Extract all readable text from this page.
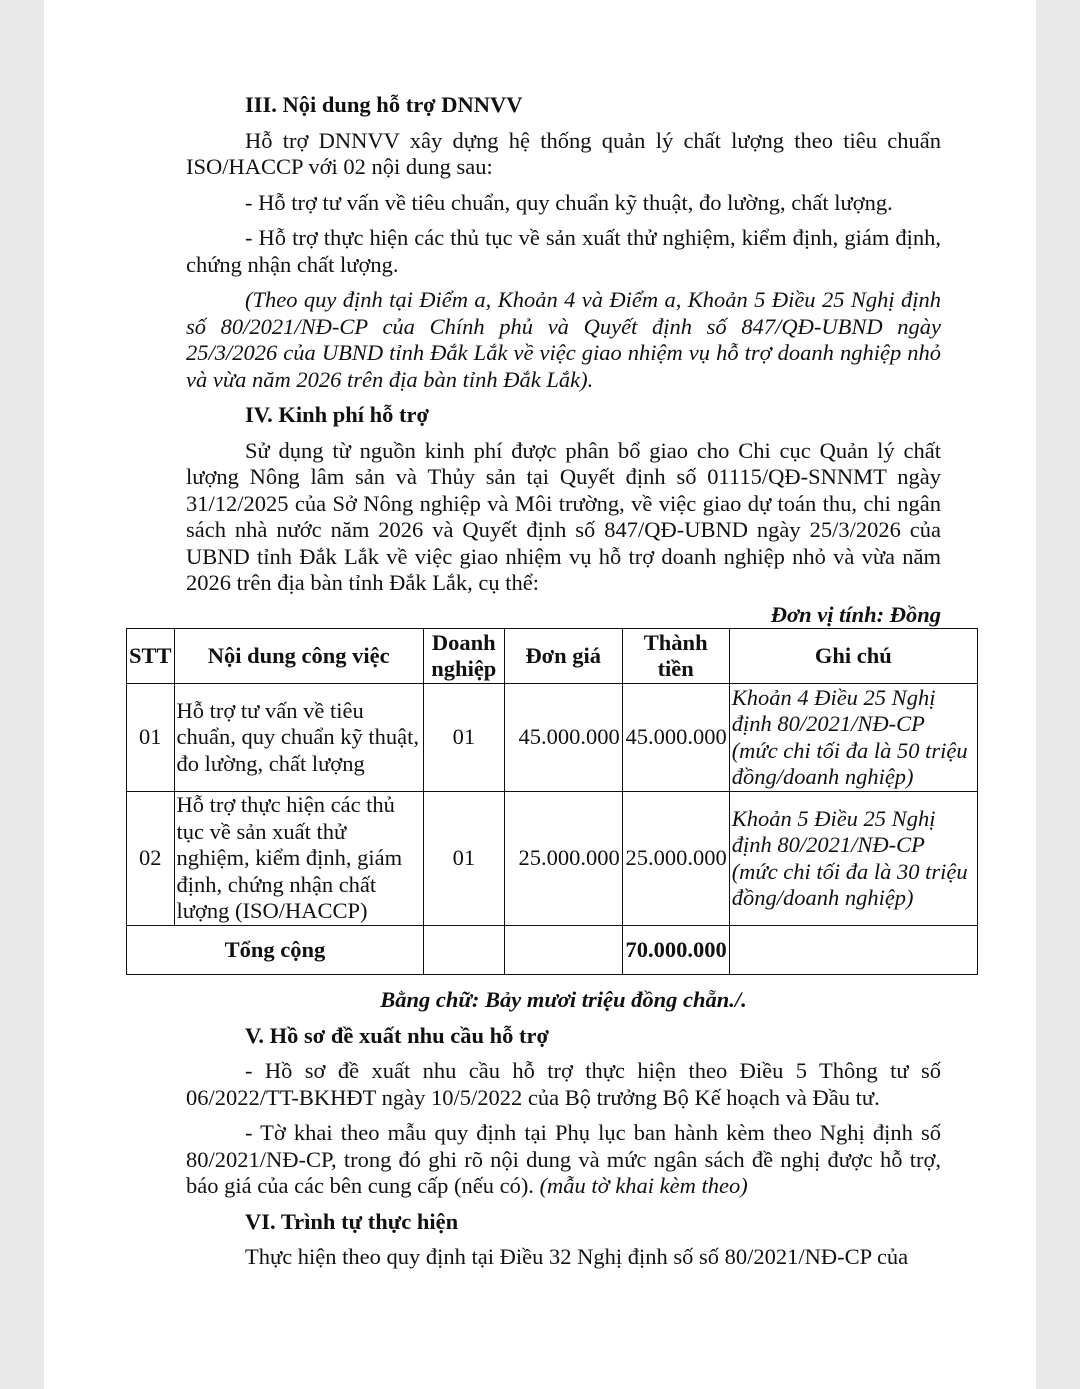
III. Nội dung hỗ trợ DNNVV

Hỗ trợ DNNVV xây dựng hệ thống quản lý chất lượng theo tiêu chuẩn ISO/HACCP với 02 nội dung sau:

- Hỗ trợ tư vấn về tiêu chuẩn, quy chuẩn kỹ thuật, đo lường, chất lượng.

- Hỗ trợ thực hiện các thủ tục về sản xuất thử nghiệm, kiểm định, giám định, chứng nhận chất lượng.

(Theo quy định tại Điểm a, Khoản 4 và Điểm a, Khoản 5 Điều 25 Nghị định số 80/2021/NĐ-CP của Chính phủ và Quyết định số 847/QĐ-UBND ngày 25/3/2026 của UBND tỉnh Đắk Lắk về việc giao nhiệm vụ hỗ trợ doanh nghiệp nhỏ và vừa năm 2026 trên địa bàn tỉnh Đắk Lắk).

IV. Kinh phí hỗ trợ

Sử dụng từ nguồn kinh phí được phân bổ giao cho Chi cục Quản lý chất lượng Nông lâm sản và Thủy sản tại Quyết định số 01115/QĐ-SNNMT ngày 31/12/2025 của Sở Nông nghiệp và Môi trường, về việc giao dự toán thu, chi ngân sách nhà nước năm 2026 và Quyết định số 847/QĐ-UBND ngày 25/3/2026 của UBND tỉnh Đắk Lắk về việc giao nhiệm vụ hỗ trợ doanh nghiệp nhỏ và vừa năm 2026 trên địa bàn tỉnh Đắk Lắk, cụ thể:

Đơn vị tính: Đồng

STT	Nội dung công việc	Doanh nghiệp	Đơn giá	Thành tiền	Ghi chú
01	Hỗ trợ tư vấn về tiêu chuẩn, quy chuẩn kỹ thuật, đo lường, chất lượng	01	45.000.000	45.000.000	Khoản 4 Điều 25 Nghị định 80/2021/NĐ-CP (mức chi tối đa là 50 triệu đồng/doanh nghiệp)
02	Hỗ trợ thực hiện các thủ tục về sản xuất thử nghiệm, kiểm định, giám định, chứng nhận chất lượng (ISO/HACCP)	01	25.000.000	25.000.000	Khoản 5 Điều 25 Nghị định 80/2021/NĐ-CP (mức chi tối đa là 30 triệu đồng/doanh nghiệp)
Tổng cộng				70.000.000	

Bằng chữ: Bảy mươi triệu đồng chẵn./.

V. Hồ sơ đề xuất nhu cầu hỗ trợ

- Hồ sơ đề xuất nhu cầu hỗ trợ thực hiện theo Điều 5 Thông tư số 06/2022/TT-BKHĐT ngày 10/5/2022 của Bộ trưởng Bộ Kế hoạch và Đầu tư.

- Tờ khai theo mẫu quy định tại Phụ lục ban hành kèm theo Nghị định số 80/2021/NĐ-CP, trong đó ghi rõ nội dung và mức ngân sách đề nghị được hỗ trợ, báo giá của các bên cung cấp (nếu có). (mẫu tờ khai kèm theo)

VI. Trình tự thực hiện

Thực hiện theo quy định tại Điều 32 Nghị định số số 80/2021/NĐ-CP của
